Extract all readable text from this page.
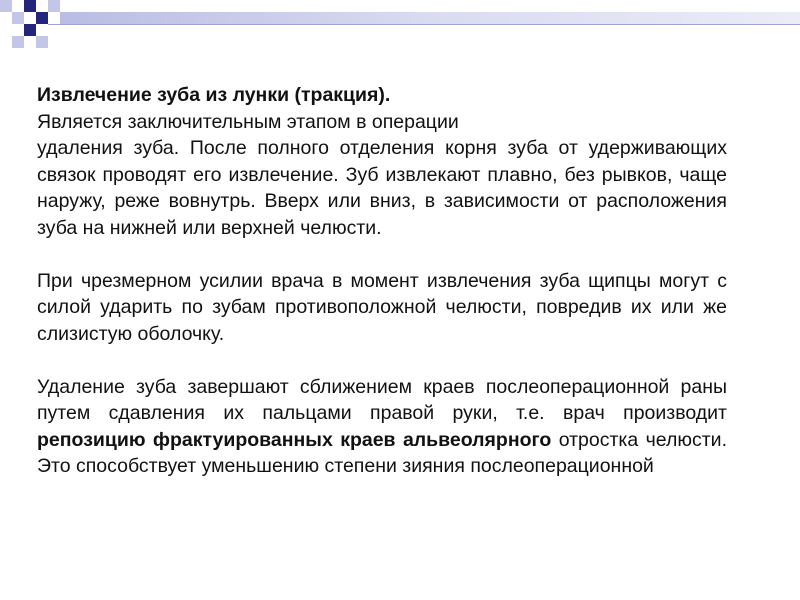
Извлечение зуба из лунки (тракция).

Является заключительным этапом в операции

удаления зуба. После полного отделения корня зуба от удерживающих связок проводят его извлечение. Зуб извлекают плавно, без рывков, чаще наружу, реже вовнутрь. Вверх или вниз, в зависимости от расположения зуба на нижней или верхней челюсти.

При чрезмерном усилии врача в момент извлечения зуба щипцы могут с силой ударить по зубам противоположной челюсти, повредив их или же слизистую оболочку.

Удаление зуба завершают сближением краев послеоперационной раны путем сдавления их пальцами правой руки, т.е. врач производит репозицию фрактуированных краев альвеолярного отростка челюсти. Это способствует уменьшению степени зияния послеоперационной
